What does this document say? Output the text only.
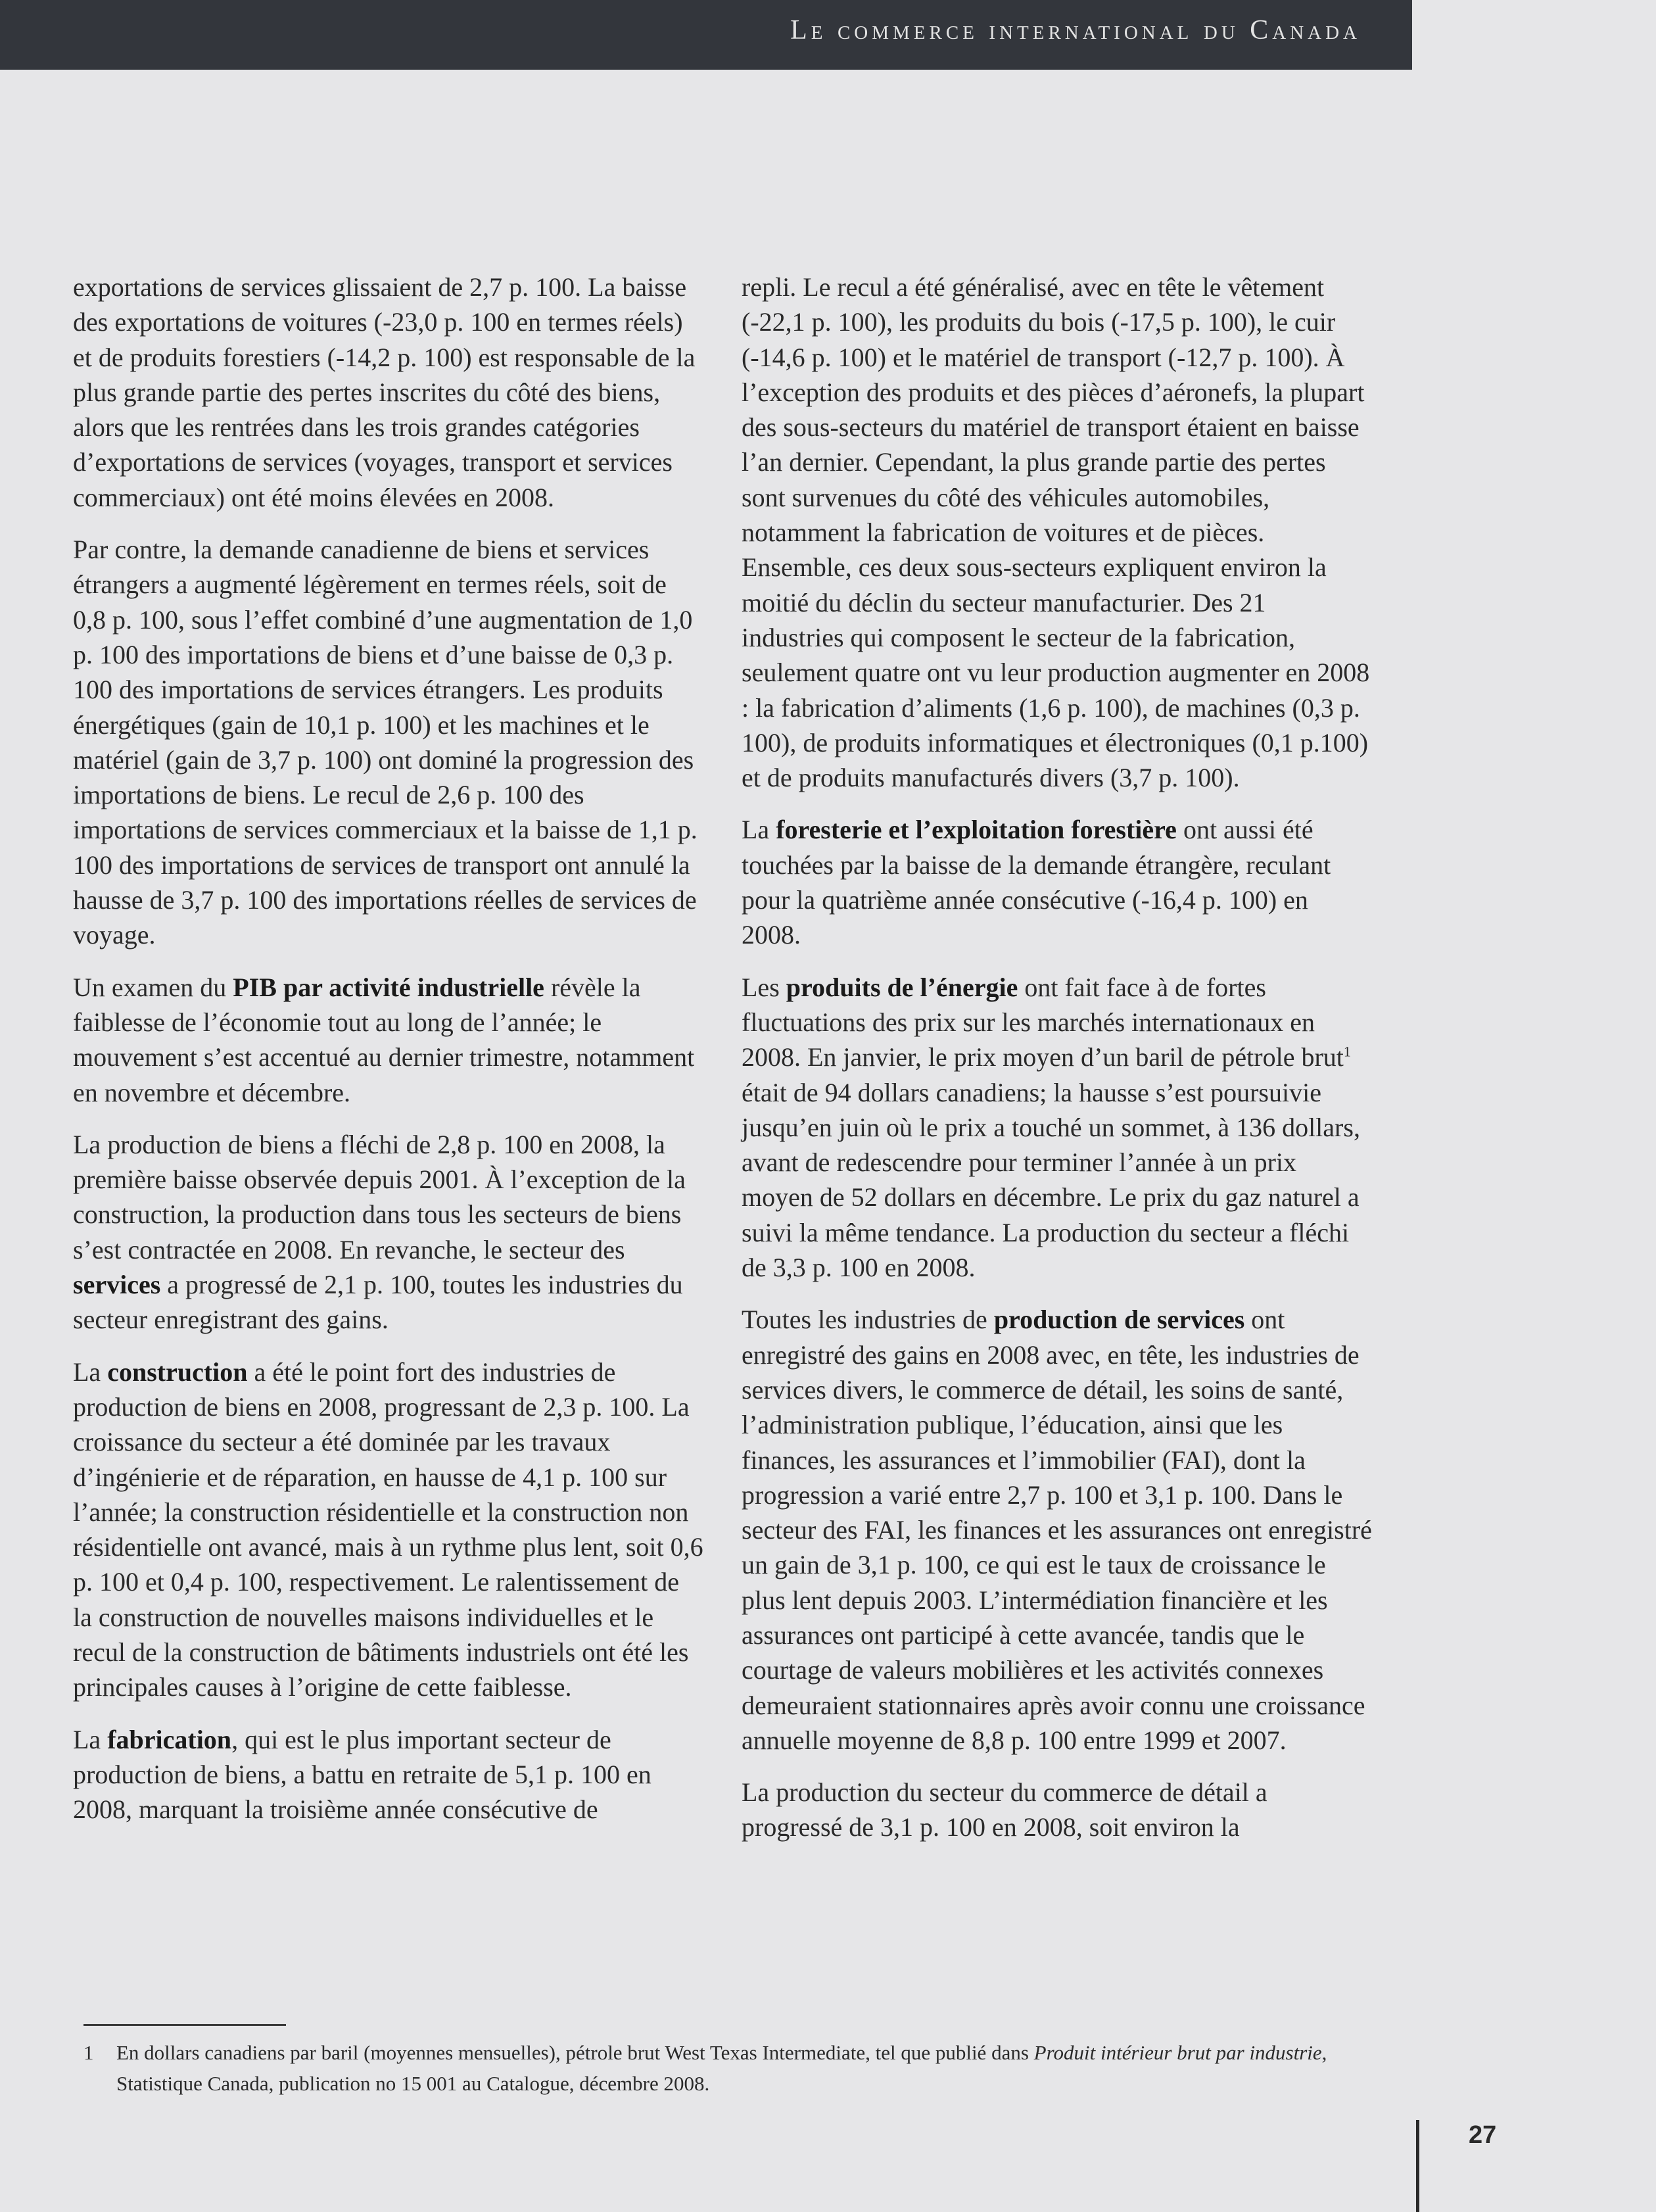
Le commerce international du Canada

exportations de services glissaient de 2,7 p. 100. La baisse des exportations de voitures (-23,0 p. 100 en termes réels) et de produits forestiers (-14,2 p. 100) est responsable de la plus grande partie des pertes inscrites du côté des biens, alors que les rentrées dans les trois grandes catégories d’exportations de services (voyages, transport et services commerciaux) ont été moins élevées en 2008.

Par contre, la demande canadienne de biens et services étrangers a augmenté légèrement en termes réels, soit de 0,8 p. 100, sous l’effet combiné d’une augmentation de 1,0 p. 100 des importations de biens et d’une baisse de 0,3 p. 100 des importations de services étrangers. Les produits énergétiques (gain de 10,1 p. 100) et les machines et le matériel (gain de 3,7 p. 100) ont dominé la progression des importations de biens. Le recul de 2,6 p. 100 des importations de services commerciaux et la baisse de 1,1 p. 100 des importations de services de transport ont annulé la hausse de 3,7 p. 100 des importations réelles de services de voyage.

Un examen du PIB par activité industrielle révèle la faiblesse de l’économie tout au long de l’année; le mouvement s’est accentué au dernier trimestre, notamment en novembre et décembre.

La production de biens a fléchi de 2,8 p. 100 en 2008, la première baisse observée depuis 2001. À l’exception de la construction, la production dans tous les secteurs de biens s’est contractée en 2008. En revanche, le secteur des services a progressé de 2,1 p. 100, toutes les industries du secteur enregistrant des gains.

La construction a été le point fort des industries de production de biens en 2008, progressant de 2,3 p. 100. La croissance du secteur a été dominée par les travaux d’ingénierie et de réparation, en hausse de 4,1 p. 100 sur l’année; la construction résidentielle et la construction non résidentielle ont avancé, mais à un rythme plus lent, soit 0,6 p. 100 et 0,4 p. 100, respectivement. Le ralentissement de la construction de nouvelles maisons individuelles et le recul de la construction de bâtiments industriels ont été les principales causes à l’origine de cette faiblesse.

La fabrication, qui est le plus important secteur de production de biens, a battu en retraite de 5,1 p. 100 en 2008, marquant la troisième année consécutive de

repli. Le recul a été généralisé, avec en tête le vêtement (-22,1 p. 100), les produits du bois (-17,5 p. 100), le cuir (-14,6 p. 100) et le matériel de transport (-12,7 p. 100). À l’exception des produits et des pièces d’aéronefs, la plupart des sous-secteurs du matériel de transport étaient en baisse l’an dernier. Cependant, la plus grande partie des pertes sont survenues du côté des véhicules automobiles, notamment la fabrication de voitures et de pièces. Ensemble, ces deux sous-secteurs expliquent environ la moitié du déclin du secteur manufacturier. Des 21 industries qui composent le secteur de la fabrication, seulement quatre ont vu leur production augmenter en 2008 : la fabrication d’aliments (1,6 p. 100), de machines (0,3 p. 100), de produits informatiques et électroniques (0,1 p.100) et de produits manufacturés divers (3,7 p. 100).

La foresterie et l’exploitation forestière ont aussi été touchées par la baisse de la demande étrangère, reculant pour la quatrième année consécutive (-16,4 p. 100) en 2008.

Les produits de l’énergie ont fait face à de fortes fluctuations des prix sur les marchés internationaux en 2008. En janvier, le prix moyen d’un baril de pétrole brut$^1$ était de 94 dollars canadiens; la hausse s’est poursuivie jusqu’en juin où le prix a touché un sommet, à 136 dollars, avant de redescendre pour terminer l’année à un prix moyen de 52 dollars en décembre. Le prix du gaz naturel a suivi la même tendance. La production du secteur a fléchi de 3,3 p. 100 en 2008.

Toutes les industries de production de services ont enregistré des gains en 2008 avec, en tête, les industries de services divers, le commerce de détail, les soins de santé, l’administration publique, l’éducation, ainsi que les finances, les assurances et l’immobilier (FAI), dont la progression a varié entre 2,7 p. 100 et 3,1 p. 100. Dans le secteur des FAI, les finances et les assurances ont enregistré un gain de 3,1 p. 100, ce qui est le taux de croissance le plus lent depuis 2003. L’intermédiation financière et les assurances ont participé à cette avancée, tandis que le courtage de valeurs mobilières et les activités connexes demeuraient stationnaires après avoir connu une croissance annuelle moyenne de 8,8 p. 100 entre 1999 et 2007.

La production du secteur du commerce de détail a progressé de 3,1 p. 100 en 2008, soit environ la

1 En dollars canadiens par baril (moyennes mensuelles), pétrole brut West Texas Intermediate, tel que publié dans Produit intérieur brut par industrie, Statistique Canada, publication no 15 001 au Catalogue, décembre 2008.
27
